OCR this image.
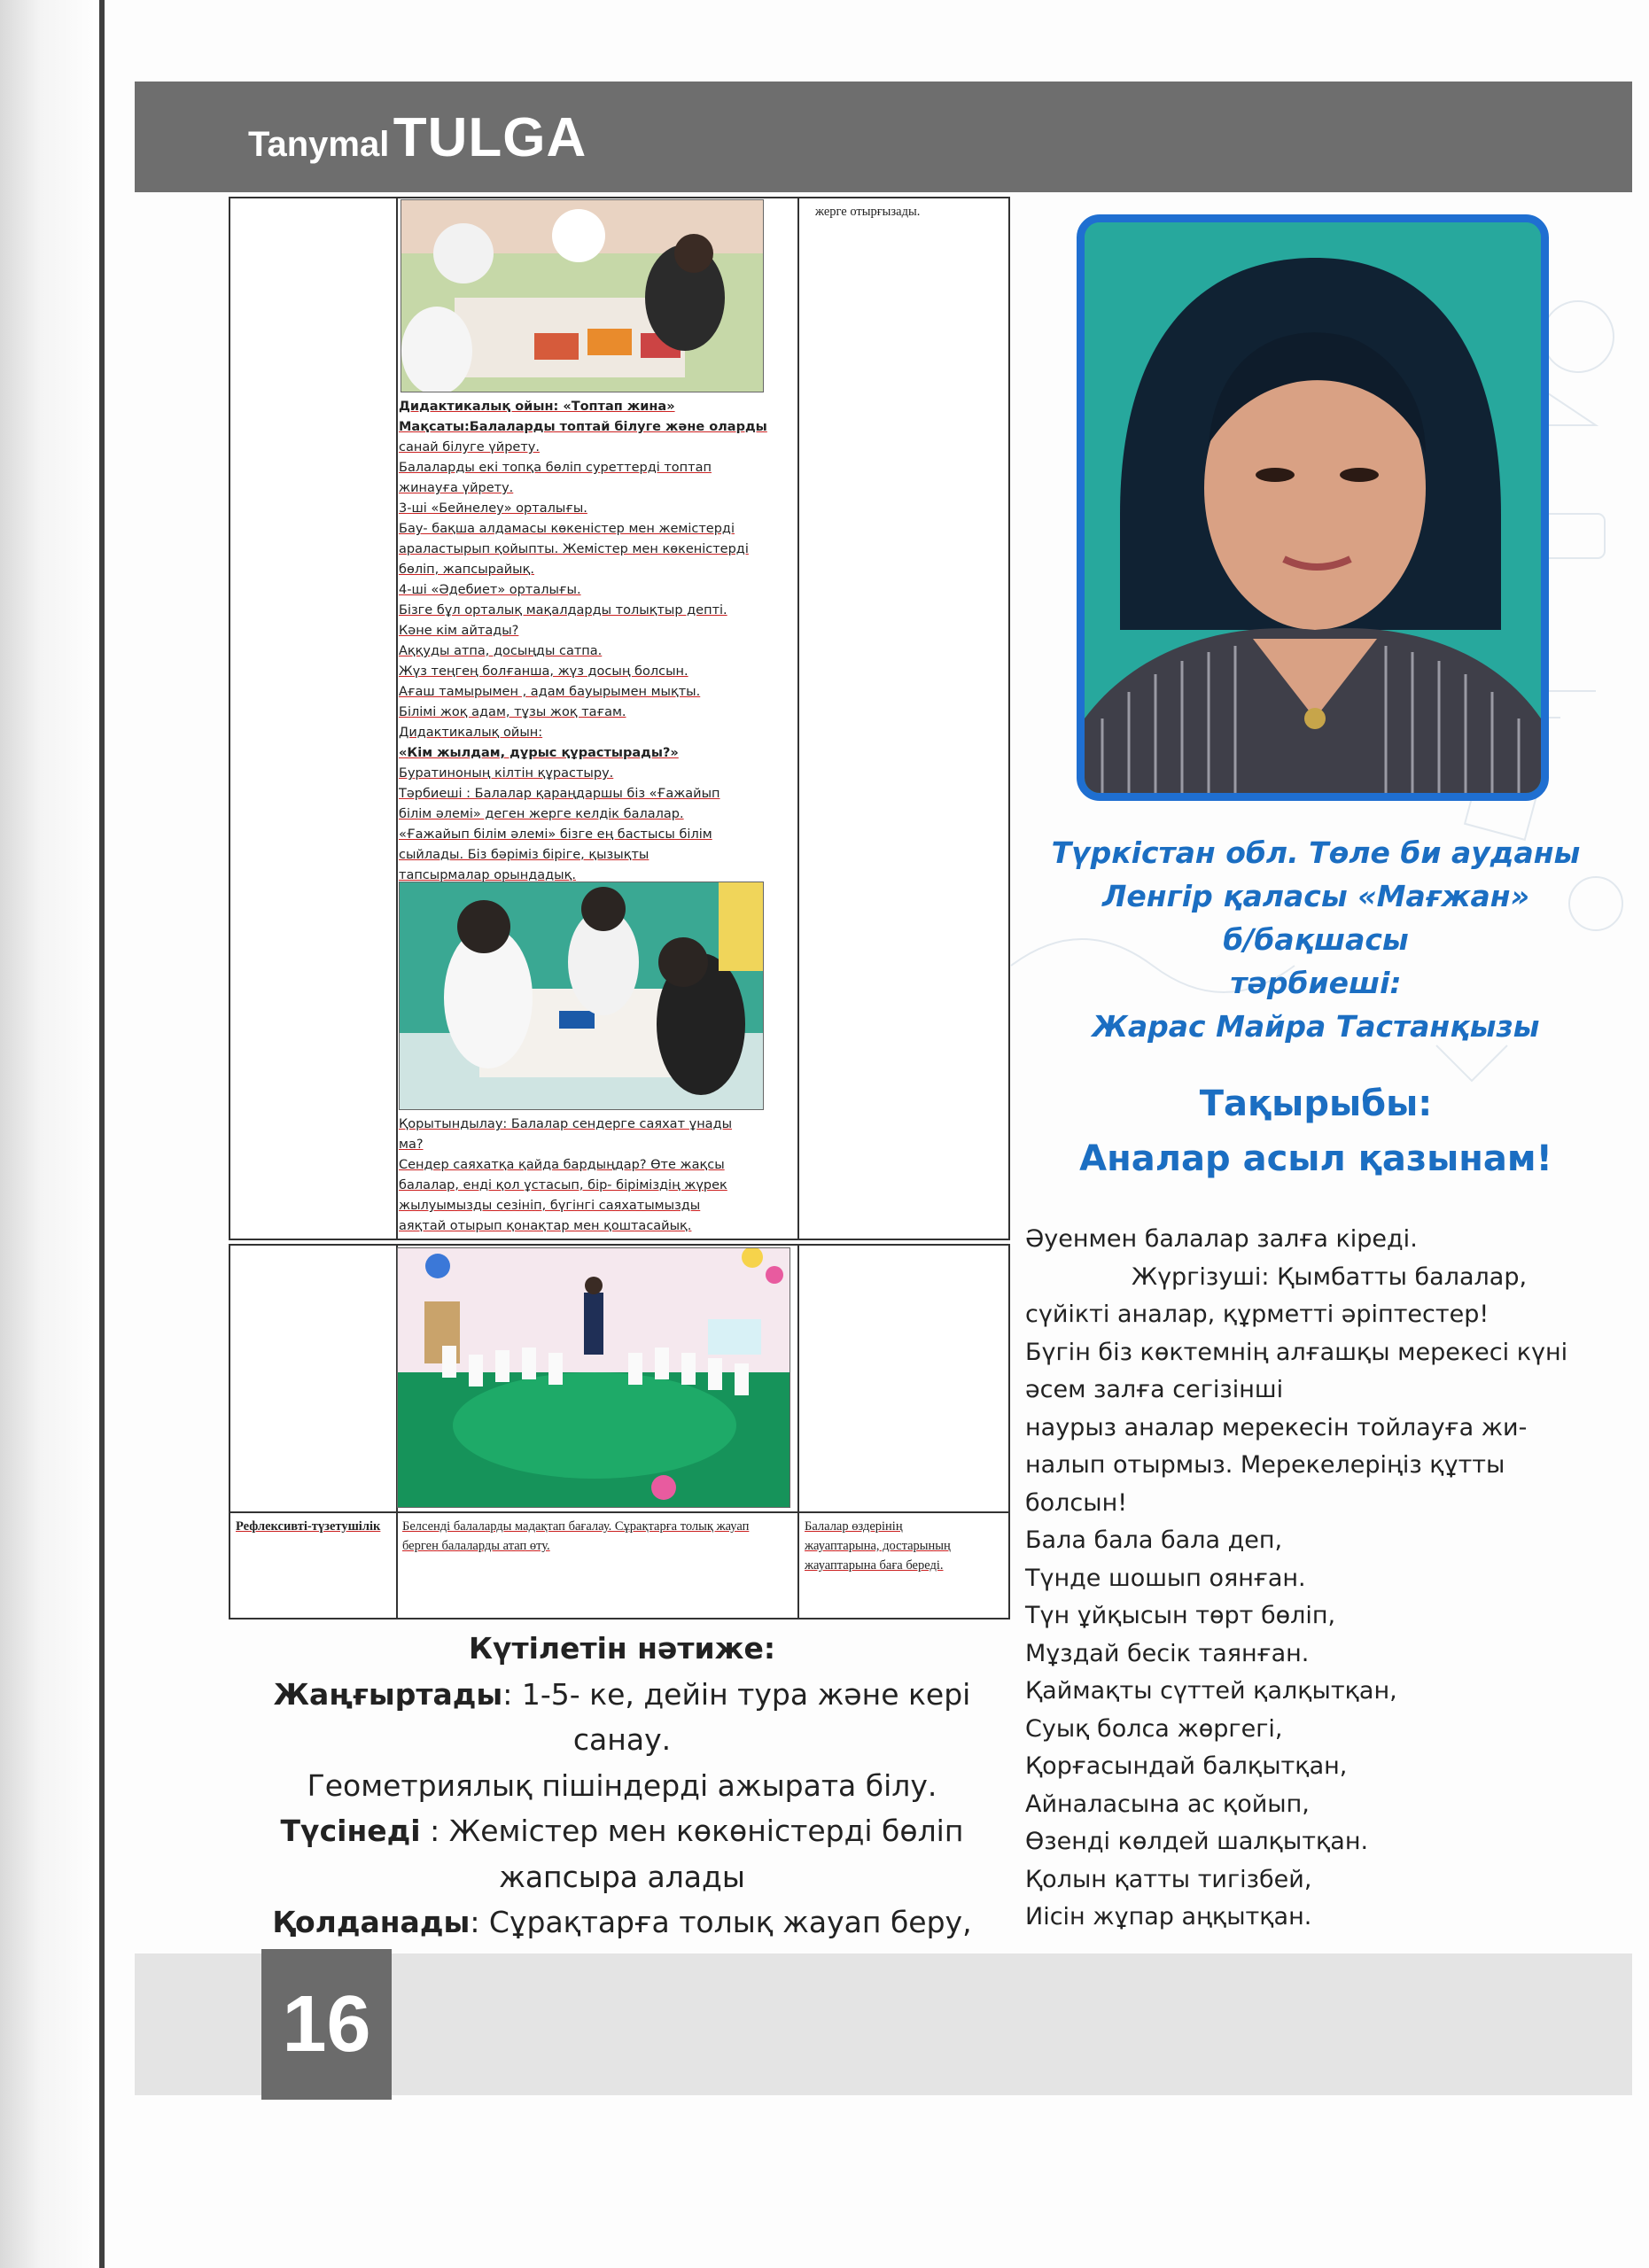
Tanymal TULGA
жерге отырғызады.

Дидактикалық ойын: «Топтап жина»

Мақсаты:Балаларды топтай білуге және оларды

санай білуге үйрету.

Балаларды екі топқа бөліп суреттерді топтап

жинауға үйрету.

3-ші «Бейнелеу» орталығы.

Бау- бақша алдамасы көкеністер мен жемістерді

араластырып қойыпты. Жемістер мен көкеністерді

бөліп, жапсырайық.

4-ші «Әдебиет» орталығы.

Бізге бұл орталық мақалдарды толықтыр депті.

Кәне кім айтады?

Аққуды атпа, досыңды сатпа.

Жүз теңгең болғанша, жүз досың болсын.

Ағаш тамырымен , адам бауырымен мықты.

Білімі жоқ адам, тұзы жоқ тағам.

Дидактикалық ойын:

«Кім жылдам, дұрыс құрастырады?»

Буратиноның кілтін құрастыру.

Тәрбиеші : Балалар қараңдаршы біз «Ғажайып

білім әлемі» деген жерге келдік балалар.

«Ғажайып білім әлемі» бізге ең бастысы білім

сыйлады. Біз бәріміз біріге, қызықты

тапсырмалар орындадық.

Қорытындылау: Балалар сендерге саяхат ұнады

ма?

Сендер саяхатқа қайда бардыңдар? Өте жақсы

балалар, енді қол ұстасып, бір- біріміздің жүрек

жылуымызды сезініп, бүгінгі саяхатымызды

аяқтай отырып қонақтар мен қоштасайық.

Рефлексивті-түзетушілік	Белсенді балаларды мадақтап бағалау. Сұрақтарға толық жауап берген балаларды атап өту.
Балалар өздерінің жауаптарына, достарының жауаптарына баға береді.
Күтілетін нәтиже:
Жаңғыртады: 1-5- ке, дейін тура және кері санау.
Геометриялық пішіндерді ажырата білу.
Түсінеді : Жемістер мен көкөністерді бөліп
жапсыра алады
Қолданады: Сұрақтарға толық жауап беру,
Түркістан обл. Төле би ауданы
Ленгір қаласы «Мағжан»
б/бақшасы
тәрбиеші:
Жарас Майра Тастанқызы
Тақырыбы:
Аналар асыл қазынам!
Әуенмен балалар залға кіреді.
Жүргізуші: Қымбатты балалар,
сүйікті аналар, құрметті әріптестер!
Бүгін біз көктемнің алғашқы мерекесі күні
әсем залға сегізінші
наурыз аналар мерекесін тойлауға жи-
налып отырмыз. Мерекелеріңіз құтты
болсын!
Бала бала бала деп,
Түнде шошып оянған.
Түн ұйқысын төрт бөліп,
Мұздай бесік таянған.
Қаймақты сүттей қалқытқан,
Суық болса жөргегі,
Қорғасындай балқытқан,
Айналасына ас қойып,
Өзенді көлдей шалқытқан.
Қолын қатты тигізбей,
Иісін жұпар аңқытқан.
16
